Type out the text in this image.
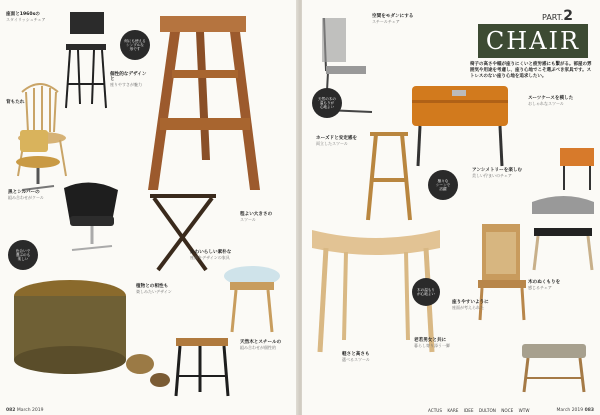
座面と1960sの
スタイリッシュチェア
背もたれ
個性的なデザインと
座りやすさが魅力
黒とシルバーの
組み合わせがクール
程よい大きさの
スツール
植物との相性も
楽しみたいデザイン
かわいらしい素朴な
座面をデザインの家具
天然木とスチールの
組み合わせが個性的
何にも使える
シンプルな
形です
色合いで
選ぶのも
楽しい
082 March 2019
空間をモダンにする
スチールチェア
スーツケースを模した
おしゃれなスツール
ホーズドと安定感を
両立したスツール
アンシメトリーを楽しむ
美しい佇まいのチェア
木のぬくもりを
感じるチェア
座りやすいように
座面が考えられた
軽さと高さも
選べるスツール
老若男女と共に
暮らし寄り添う一脚
天然の木の
温もりが
心地よい
様々な
シーンで
活躍
木の温もり
が心地よい
March 2019 083
PART.2
CHAIR
椅子の高さや幅が座りにくいと疲労感にも繋がる。部屋の雰囲気や用途を考慮し、座り心地でこそ選ぶべき家具です。ストレスのない座り心地を追求したい。
ACTUS KARE IDEE DULTON NOCE WTW
